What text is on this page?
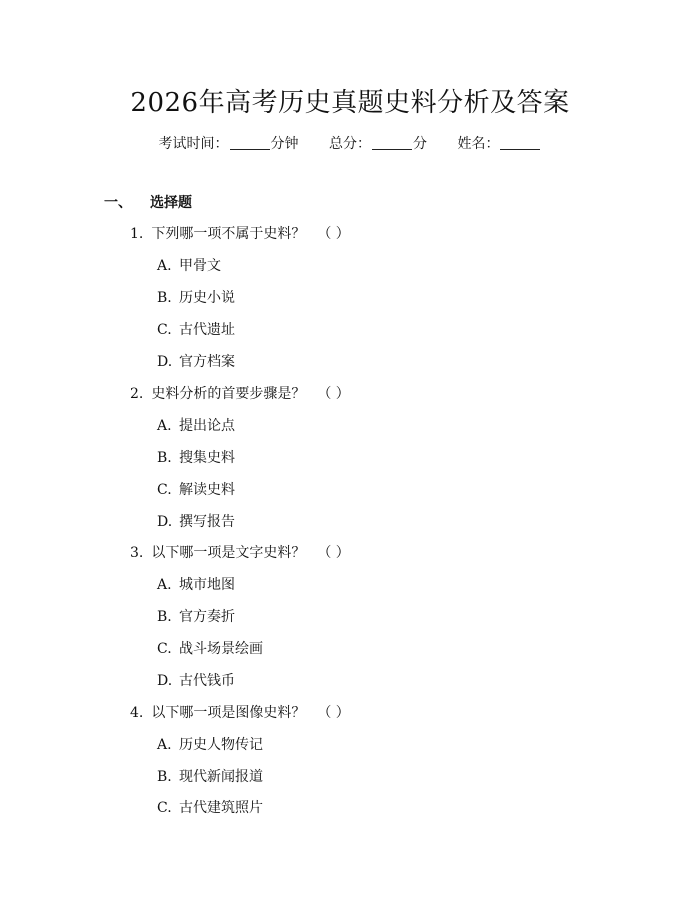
2026年高考历史真题史料分析及答案
考试时间：	分钟 总分：	分 姓名：
一、 选择题
1. 下列哪一项不属于史料？ （ ）
A. 甲骨文
B. 历史小说
C. 古代遗址
D. 官方档案
2. 史料分析的首要步骤是？ （ ）
A. 提出论点
B. 搜集史料
C. 解读史料
D. 撰写报告
3. 以下哪一项是文字史料？ （ ）
A. 城市地图
B. 官方奏折
C. 战斗场景绘画
D. 古代钱币
4. 以下哪一项是图像史料？ （ ）
A. 历史人物传记
B. 现代新闻报道
C. 古代建筑照片
